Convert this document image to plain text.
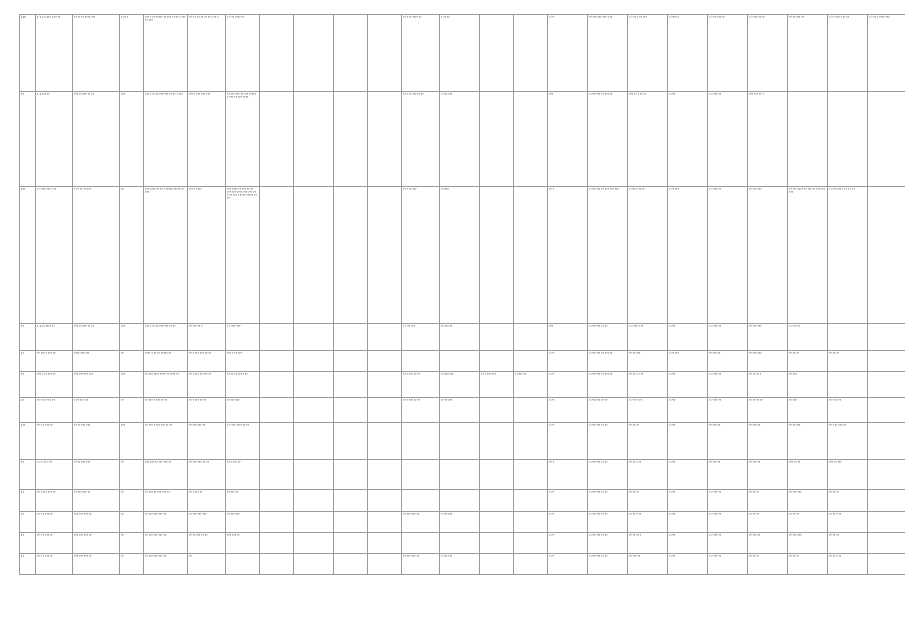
115	1 1·? ?·1?? 1·?? ??	?? ?? ?? ???? ???	?·?? ?	??? ? ?? ????? ?? ??? ? ??? ? ??? ?? ???	?? ? ? ?? ?? ?? ?? ? ?? ?	? ? ?? ???? ??					?? ? ?? ???? ??	? ?? ??			? ??	?? ??? ??? ??? ? ??	? ? ?? ? ?? ???	? ???? ?	? ? ?? ??? ??	? ? ??? ?? ??	?? ?? ??? ??	? ? ? ??? ? ?? ??	? ? ?? ? ???? ???	

1?	1 1·??? ??	??? ?? ??? ?? ??	???	??? ? ?? ?? ??? ??? ?? ?? ? ???	??? ? ??? ??? ???	?? ??? ??? ?? ??? ????? ? ??? ?? ??? ????					?? ? ?? ??? ?? ??	? ??? ???			???	? ??? ??? ?? ??? ??	??? ?? ? ?? ??	? ???	? ? ??? ??	??? ??? ?? ?				

1??	? ? ??? ??? ?·??	?·?? ?? ?? ???	??	??? ???? ?? ?? ? ????? ????? ?? ???	??? ? ????	??? ???? ?? ??? ?? ?? ??? ??? ???? ??? ??? ?? ? ?? ??? ? ???? ????? ?? ??					?? ? ?? ???	? ????			?? ?	? ??? ??? ?? ??? ??? ???	? ??? ? ?? ??	? ?? ???	? ? ??? ??	?? ??? ???	?? ??? ???? ?? ??? ?? ??? ??? ???	? ? ?? ??? ? ?? ? ? ??		

1?	1 1·?? ???? ??	??? ?? ??? ?? ??	???	??? ? ?? ?? ??? ??? ?? ??	?? ??? ?? ?	? ? ??? ???					? ? ?? ???	?? ??? ??			???	? ??? ??? ?? ??	? ? ??? ? ??	? ???	? ? ??? ??	?? ??? ???	? ? ?? ??			

1?	?? ??? ? ??? ??	???? ??? ???	??	???? ? ?? ?? ????? ??	?? ? ??? ??? ?? ??	??? ? ?? ???									? ??	? ??? ??? ?? ??? ??	?? ?? ???	? ?? ???	?? ??? ??	?? ??? ???	?? ?? ??	?? ?? ??		

1?	??? ? ?? ??? ??	??? ??? ??? ???	???	?? ??? ???? ???? ?? ???? ??	?? ? ??? ?? ??? ??	?? ?? ?? ??? ? ??					?? ? ??? ?? ??	? ???? ???	?? ? ??? ???	? ???? ??	? ??	? ??? ??? ?? ??? ??	?? ?? ? ? ??	? ???	? ? ??? ??	?? ?? ?? ?	?? ???			

1?	?? ? ?? ?? ?·??	? ?? ?? ?·??	??	?? ??? ? ??? ?? ??	?? ? ??? ?? ??	?? ??? ???					?? ? ??? ?? ??	?? ?? ???			? ??	? ??? ??? ?? ??	? ? ?? ? ??	? ???	? ? ??? ??	?? ?? ?? ??	?? ???	?? ? ?? ??		

1??	?? ? ? ??? ??	?? ?? ??? ???	???	?? ??? ? ??? ??? ?? ??	?? ??? ??? ??	? ? ??? ???? ?? ??									? ??	? ??? ??? ?? ??	?? ?? ??	? ???	?? ??? ??	?? ??? ??	?? ?? ???	?? ? ?? ??? ??		

1?	? ? ? ?? ? ??	?? ?? ??? ???	??	??? ??? ?? ??? ??? ??	?? ??? ??? ?? ??	?? ? ??? ??									?? ?	? ??? ??? ?? ??	?? ?? ? ??	? ???	?? ??? ??	?? ??? ??	??? ?? ??	??? ?? ???		

1?	?? ? ??? ??? ??	?? ??? ??? ??	??	?? ??? ?? ??? ??? ??	?? ? ??? ??	?? ??? ??									? ??	? ??? ??? ?? ??	?? ?? ??	? ???	? ? ??? ??	?? ?? ??	?? ??? ???	?? ?? ??		

1?	?? ? ? ??? ??	??? ??? ??? ??	??	?? ??? ??? ??? ??	?? ??? ??? ???	?? ??? ???					?? ??? ??? ??	? ??? ???			? ??	? ??? ??? ?? ??	?? ?? ? ??	? ???	? ? ??? ??	?? ?? ??	?? ?? ??	?? ?? ? ??		

1?	?? ? ? ??? ??	??? ??? ??? ??	??	?? ??? ??? ??? ??	?? ?? ??? ?? ??	??? ??? ??									? ??	? ??? ??? ?? ??	?? ?? ?? ?	? ???	? ? ??? ??	?? ??? ??	?? ??? ???	?? ?? ??		

1?	?? ? ? ??? ??	??? ??? ??? ??	??	?? ??? ??? ??? ??	??						?? ??? ??? ??	? ??? ???			? ??	? ??? ??? ?? ??	?? ??? ??	? ???	? ? ??? ??	?? ?? ??	?? ?? ??	?? ?? ? ??		
